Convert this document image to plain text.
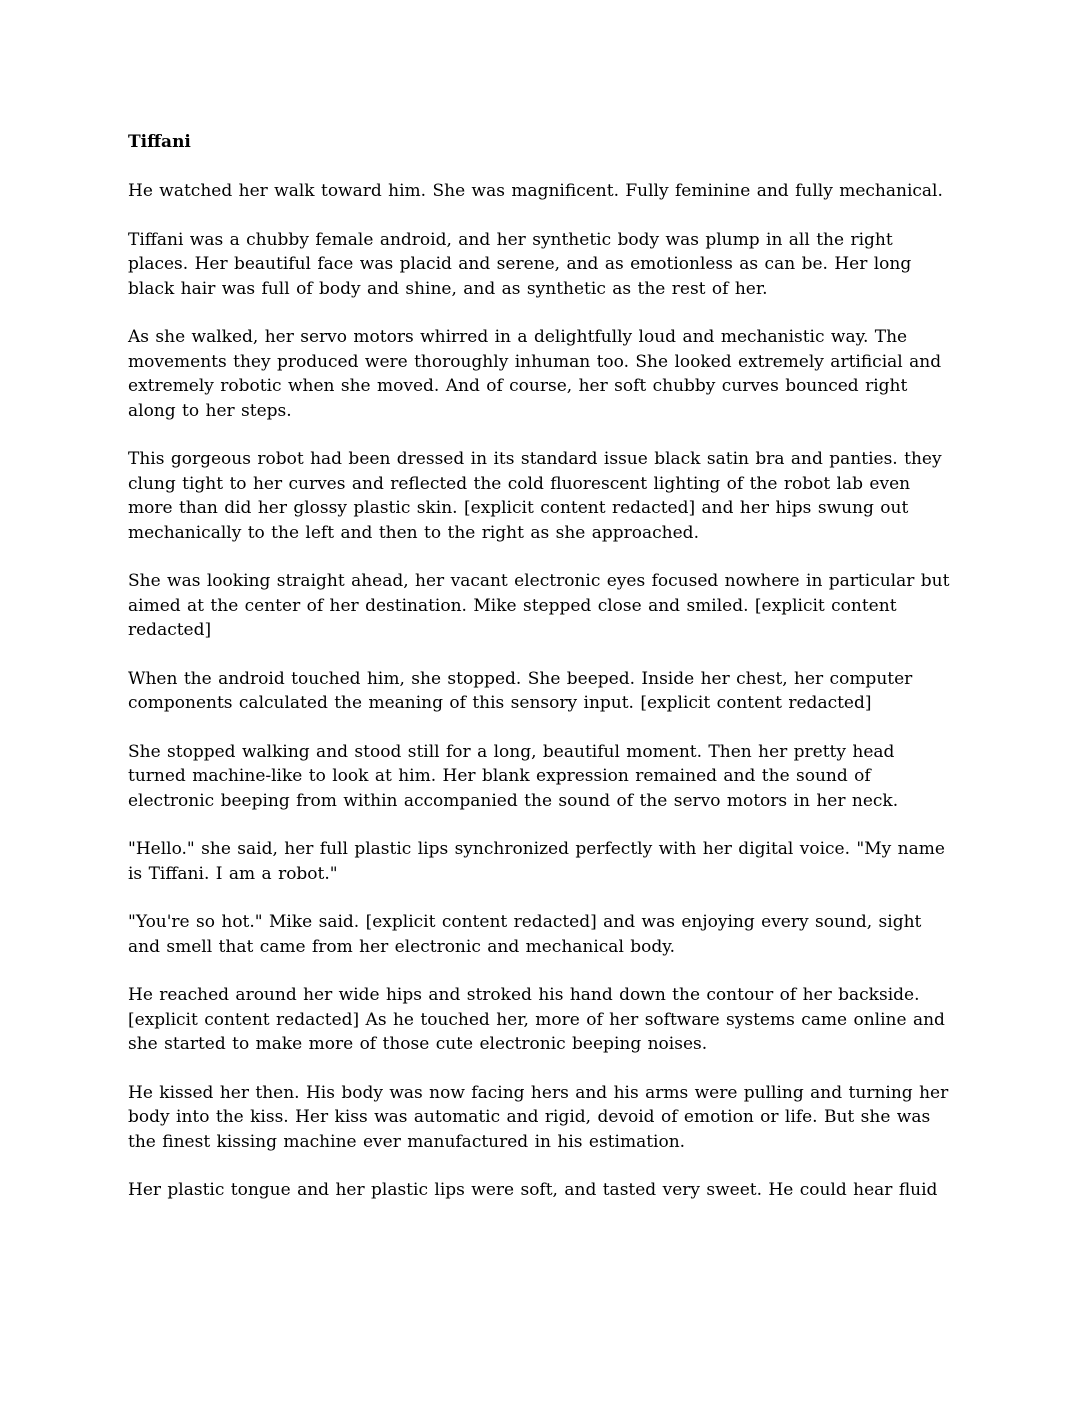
Tiffani

He watched her walk toward him. She was magnificent. Fully feminine and fully mechanical.

Tiffani was a chubby female android, and her synthetic body was plump in all the right places. Her beautiful face was placid and serene, and as emotionless as can be. Her long black hair was full of body and shine, and as synthetic as the rest of her.

As she walked, her servo motors whirred in a delightfully loud and mechanistic way. The movements they produced were thoroughly inhuman too. She looked extremely artificial and extremely robotic when she moved. And of course, her soft chubby curves bounced right along to her steps.

This gorgeous robot had been dressed in its standard issue black satin bra and panties. they clung tight to her curves and reflected the cold fluorescent lighting of the robot lab even more than did her glossy plastic skin. [explicit content redacted] and her hips swung out mechanically to the left and then to the right as she approached.

She was looking straight ahead, her vacant electronic eyes focused nowhere in particular but aimed at the center of her destination. Mike stepped close and smiled. [explicit content redacted]

When the android touched him, she stopped. She beeped. Inside her chest, her computer components calculated the meaning of this sensory input. [explicit content redacted]

She stopped walking and stood still for a long, beautiful moment. Then her pretty head turned machine-like to look at him. Her blank expression remained and the sound of electronic beeping from within accompanied the sound of the servo motors in her neck.

"Hello." she said, her full plastic lips synchronized perfectly with her digital voice. "My name is Tiffani. I am a robot."

"You're so hot." Mike said. [explicit content redacted] and was enjoying every sound, sight and smell that came from her electronic and mechanical body.

He reached around her wide hips and stroked his hand down the contour of her backside. [explicit content redacted] As he touched her, more of her software systems came online and she started to make more of those cute electronic beeping noises.

He kissed her then. His body was now facing hers and his arms were pulling and turning her body into the kiss. Her kiss was automatic and rigid, devoid of emotion or life. But she was the finest kissing machine ever manufactured in his estimation.

Her plastic tongue and her plastic lips were soft, and tasted very sweet. He could hear fluid
